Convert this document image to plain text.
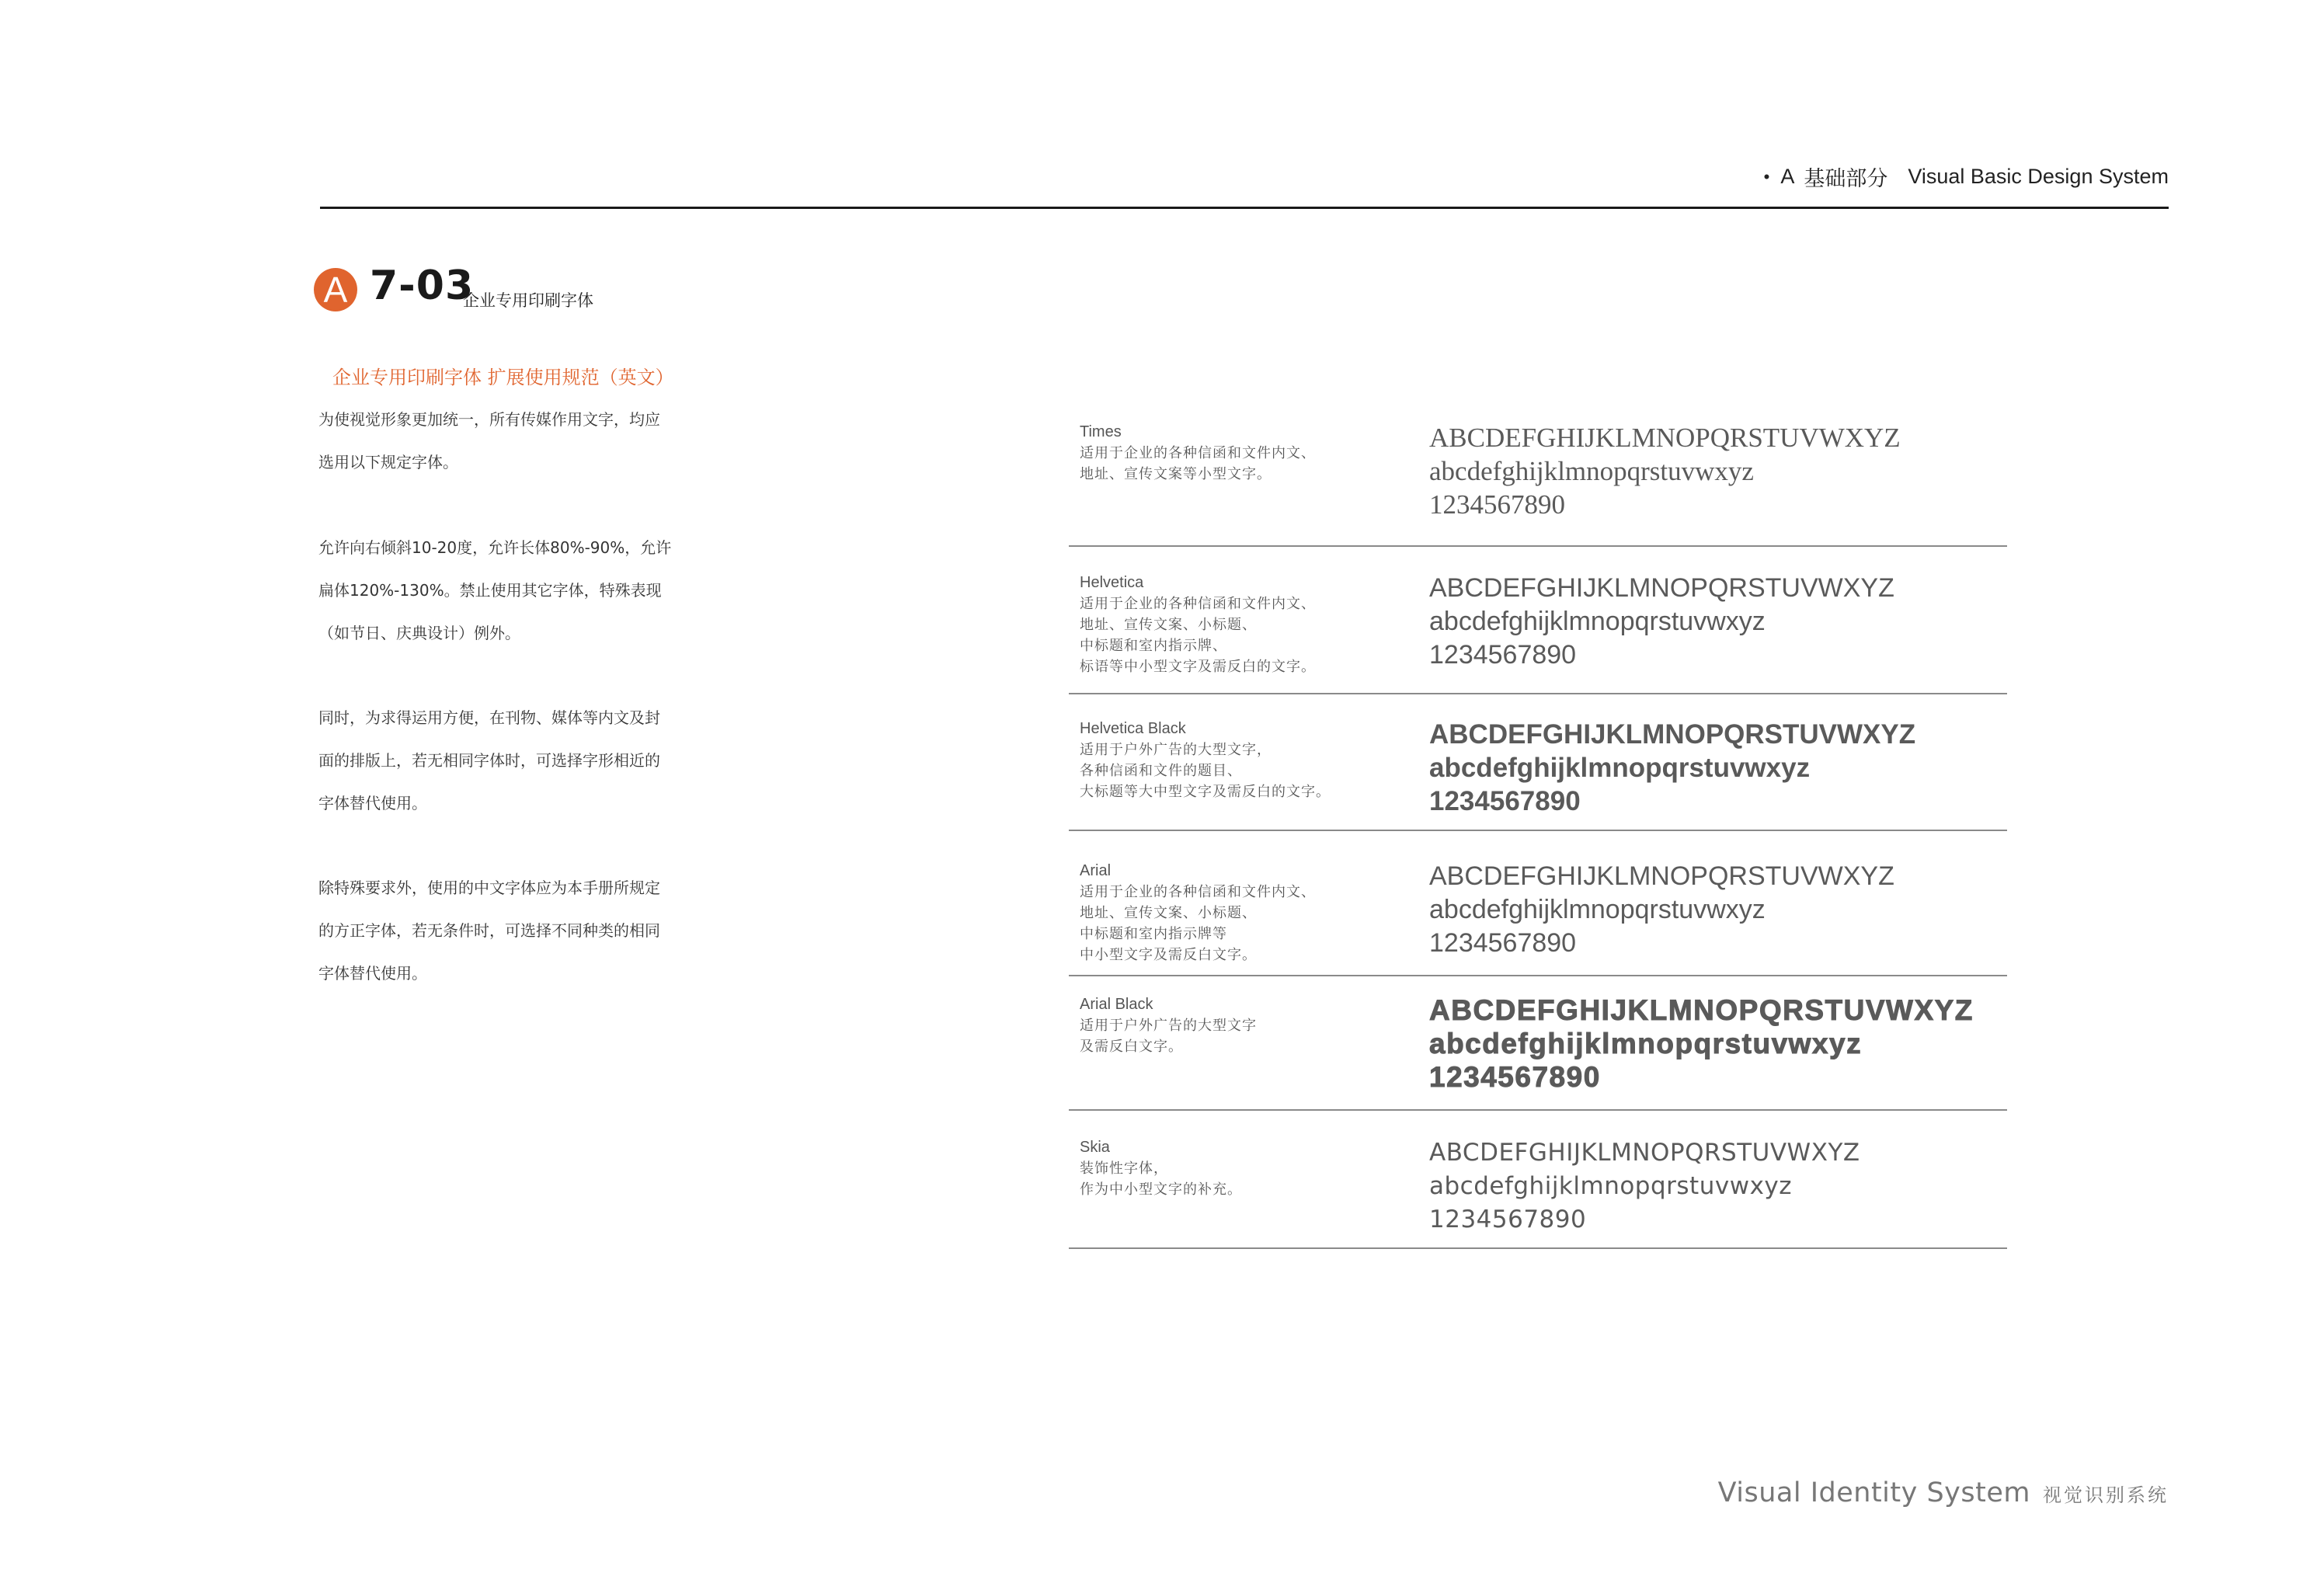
• A 基础部分 Visual Basic Design System
A 7-03
企业专用印刷字体
企业专用印刷字体 扩展使用规范（英文）
为使视觉形象更加统一，所有传媒作用文字，均应
选用以下规定字体。
允许向右倾斜10-20度，允许长体80%-90%，允许
扁体120%-130%。禁止使用其它字体，特殊表现
（如节日、庆典设计）例外。
同时，为求得运用方便，在刊物、媒体等内文及封
面的排版上，若无相同字体时，可选择字形相近的
字体替代使用。
除特殊要求外，使用的中文字体应为本手册所规定
的方正字体，若无条件时，可选择不同种类的相同
字体替代使用。
Times
适用于企业的各种信函和文件内文、
地址、宣传文案等小型文字。
ABCDEFGHIJKLMNOPQRSTUVWXYZ
abcdefghijklmnopqrstuvwxyz
1234567890
Helvetica
适用于企业的各种信函和文件内文、
地址、宣传文案、小标题、
中标题和室内指示牌、
标语等中小型文字及需反白的文字。
ABCDEFGHIJKLMNOPQRSTUVWXYZ
abcdefghijklmnopqrstuvwxyz
1234567890
Helvetica Black
适用于户外广告的大型文字，
各种信函和文件的题目、
大标题等大中型文字及需反白的文字。
ABCDEFGHIJKLMNOPQRSTUVWXYZ
abcdefghijklmnopqrstuvwxyz
1234567890
Arial
适用于企业的各种信函和文件内文、
地址、宣传文案、小标题、
中标题和室内指示牌等
中小型文字及需反白文字。
ABCDEFGHIJKLMNOPQRSTUVWXYZ
abcdefghijklmnopqrstuvwxyz
1234567890
Arial Black
适用于户外广告的大型文字
及需反白文字。
ABCDEFGHIJKLMNOPQRSTUVWXYZ
abcdefghijklmnopqrstuvwxyz
1234567890
Skia
装饰性字体，
作为中小型文字的补充。
ABCDEFGHIJKLMNOPQRSTUVWXYZ
abcdefghijklmnopqrstuvwxyz
1234567890
Visual Identity System 视觉识别系统
